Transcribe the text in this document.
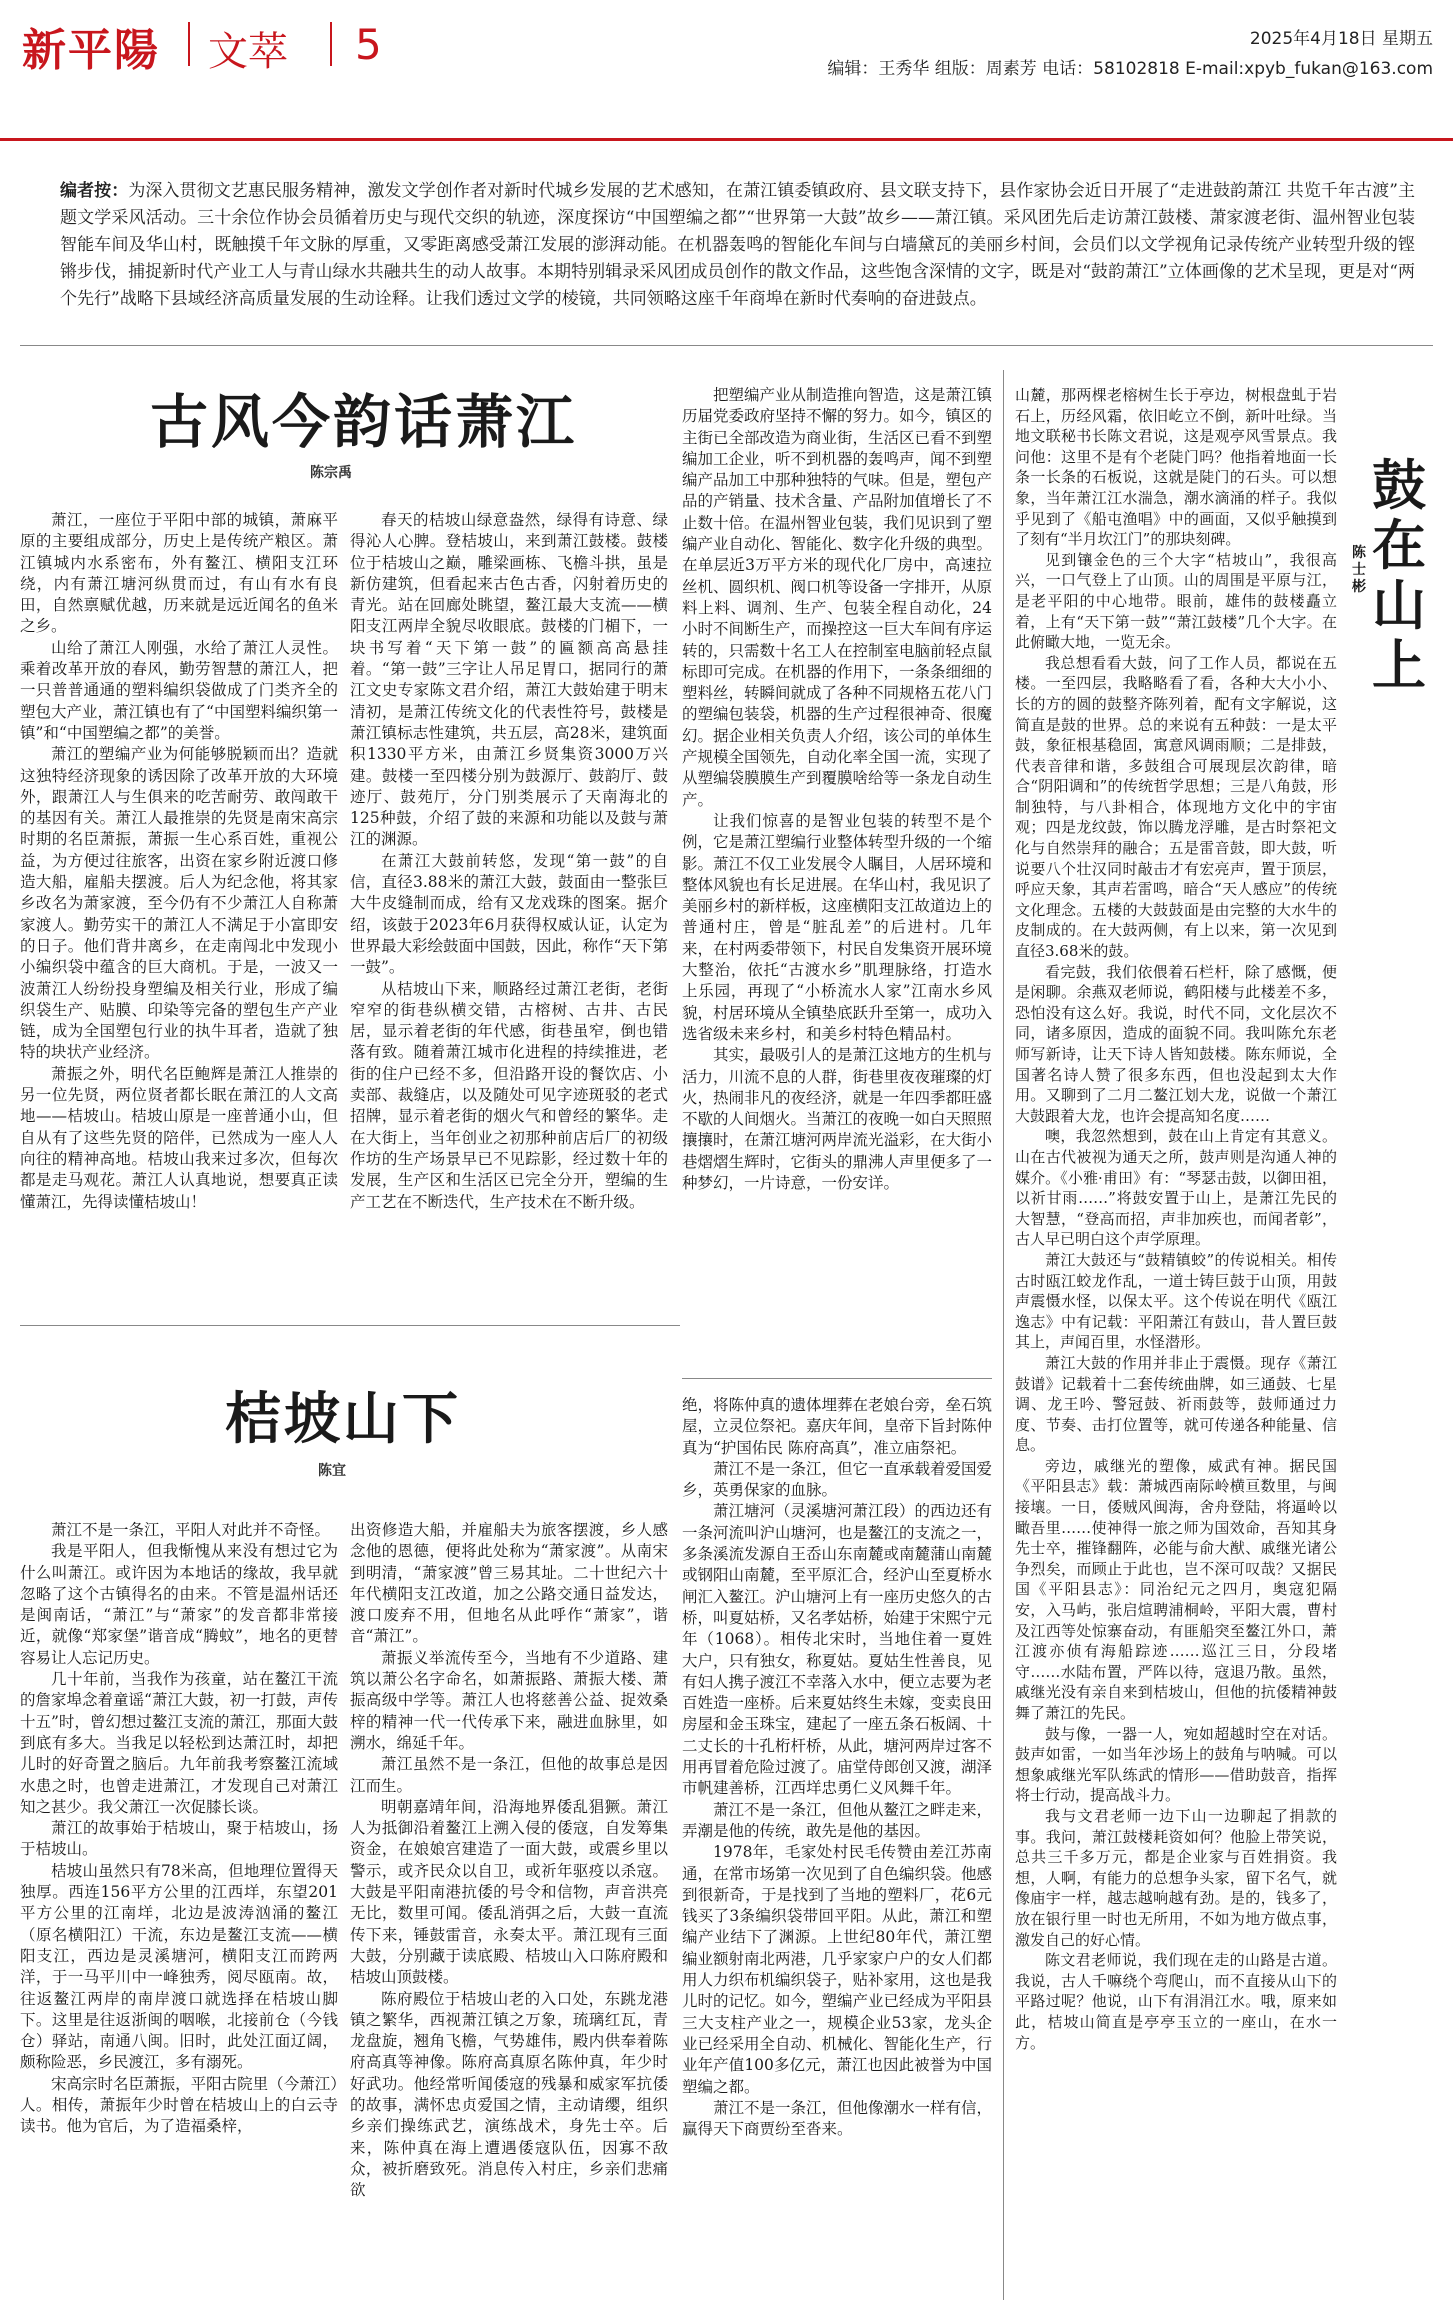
新平陽 文萃 5	2025年4月18日 星期五
编辑：王秀华 组版：周素芳 电话：58102818 E-mail:xpyb_fukan@163.com
编者按：为深入贯彻文艺惠民服务精神，激发文学创作者对新时代城乡发展的艺术感知，在萧江镇委镇政府、县文联支持下，县作家协会近日开展了“走进鼓韵萧江 共览千年古渡”主题文学采风活动。三十余位作协会员循着历史与现代交织的轨迹，深度探访“中国塑编之都”“世界第一大鼓”故乡——萧江镇。采风团先后走访萧江鼓楼、萧家渡老街、温州智业包装智能车间及华山村，既触摸千年文脉的厚重，又零距离感受萧江发展的澎湃动能。在机器轰鸣的智能化车间与白墙黛瓦的美丽乡村间，会员们以文学视角记录传统产业转型升级的铿锵步伐，捕捉新时代产业工人与青山绿水共融共生的动人故事。本期特别辑录采风团成员创作的散文作品，这些饱含深情的文字，既是对“鼓韵萧江”立体画像的艺术呈现，更是对“两个先行”战略下县域经济高质量发展的生动诠释。让我们透过文学的棱镜，共同领略这座千年商埠在新时代奏响的奋进鼓点。
古风今韵话萧江
陈宗禹

萧江，一座位于平阳中部的城镇，萧麻平原的主要组成部分，历史上是传统产粮区。萧江镇城内水系密布，外有鳌江、横阳支江环绕，内有萧江塘河纵贯而过，有山有水有良田，自然禀赋优越，历来就是远近闻名的鱼米之乡。

山给了萧江人刚强，水给了萧江人灵性。乘着改革开放的春风，勤劳智慧的萧江人，把一只普普通通的塑料编织袋做成了门类齐全的塑包大产业，萧江镇也有了“中国塑料编织第一镇”和“中国塑编之都”的美誉。

萧江的塑编产业为何能够脱颖而出？造就这独特经济现象的诱因除了改革开放的大环境外，跟萧江人与生俱来的吃苦耐劳、敢闯敢干的基因有关。萧江人最推崇的先贤是南宋高宗时期的名臣萧振，萧振一生心系百姓，重视公益，为方便过往旅客，出资在家乡附近渡口修造大船，雇船夫摆渡。后人为纪念他，将其家乡改名为萧家渡，至今仍有不少萧江人自称萧家渡人。勤劳实干的萧江人不满足于小富即安的日子。他们背井离乡，在走南闯北中发现小小编织袋中蕴含的巨大商机。于是，一波又一波萧江人纷纷投身塑编及相关行业，形成了编织袋生产、贴膜、印染等完备的塑包生产产业链，成为全国塑包行业的执牛耳者，造就了独特的块状产业经济。

萧振之外，明代名臣鲍辉是萧江人推崇的另一位先贤，两位贤者都长眠在萧江的人文高地——桔坡山。桔坡山原是一座普通小山，但自从有了这些先贤的陪伴，已然成为一座人人向往的精神高地。桔坡山我来过多次，但每次都是走马观花。萧江人认真地说，想要真正读懂萧江，先得读懂桔坡山！

春天的桔坡山绿意盎然，绿得有诗意、绿得沁人心脾。登桔坡山，来到萧江鼓楼。鼓楼位于桔坡山之巅，雕梁画栋、飞檐斗拱，虽是新仿建筑，但看起来古色古香，闪射着历史的青光。站在回廊处眺望，鳌江最大支流——横阳支江两岸全貌尽收眼底。鼓楼的门楣下，一块书写着“天下第一鼓”的匾额高高悬挂着。“第一鼓”三字让人吊足胃口，据同行的萧江文史专家陈文君介绍，萧江大鼓始建于明末清初，是萧江传统文化的代表性符号，鼓楼是萧江镇标志性建筑，共五层，高28米，建筑面积1330平方米，由萧江乡贤集资3000万兴建。鼓楼一至四楼分别为鼓源厅、鼓韵厅、鼓迹厅、鼓苑厅，分门别类展示了天南海北的125种鼓，介绍了鼓的来源和功能以及鼓与萧江的渊源。

在萧江大鼓前转悠，发现“第一鼓”的自信，直径3.88米的萧江大鼓，鼓面由一整张巨大牛皮缝制而成，给有又龙戏珠的图案。据介绍，该鼓于2023年6月获得权威认证，认定为世界最大彩绘鼓面中国鼓，因此，称作“天下第一鼓”。

从桔坡山下来，顺路经过萧江老街，老街窄窄的街巷纵横交错，古榕树、古井、古民居，显示着老街的年代感，街巷虽窄，倒也错落有致。随着萧江城市化进程的持续推进，老街的住户已经不多，但沿路开设的餐饮店、小卖部、裁缝店，以及随处可见字迹斑驳的老式招牌，显示着老街的烟火气和曾经的繁华。走在大街上，当年创业之初那种前店后厂的初级作坊的生产场景早已不见踪影，经过数十年的发展，生产区和生活区已完全分开，塑编的生产工艺在不断迭代，生产技术在不断升级。

把塑编产业从制造推向智造，这是萧江镇历届党委政府坚持不懈的努力。如今，镇区的主街已全部改造为商业街，生活区已看不到塑编加工企业，听不到机器的轰鸣声，闻不到塑编产品加工中那种独特的气味。但是，塑包产品的产销量、技术含量、产品附加值增长了不止数十倍。在温州智业包装，我们见识到了塑编产业自动化、智能化、数字化升级的典型。在单层近3万平方米的现代化厂房中，高速拉丝机、圆织机、阀口机等设备一字排开，从原料上料、调剂、生产、包装全程自动化，24小时不间断生产，而操控这一巨大车间有序运转的，只需数十名工人在控制室电脑前轻点鼠标即可完成。在机器的作用下，一条条细细的塑料丝，转瞬间就成了各种不同规格五花八门的塑编包装袋，机器的生产过程很神奇、很魔幻。据企业相关负责人介绍，该公司的单体生产规模全国领先，自动化率全国一流，实现了从塑编袋膜膜生产到覆膜啥给等一条龙自动生产。

让我们惊喜的是智业包装的转型不是个例，它是萧江塑编行业整体转型升级的一个缩影。萧江不仅工业发展令人瞩目，人居环境和整体风貌也有长足进展。在华山村，我见识了美丽乡村的新样板，这座横阳支江故道边上的普通村庄，曾是“脏乱差”的后进村。几年来，在村两委带领下，村民自发集资开展环境大整治，依托“古渡水乡”肌理脉络，打造水上乐园，再现了“小桥流水人家”江南水乡风貌，村居环境从全镇垫底跃升至第一，成功入选省级未来乡村，和美乡村特色精品村。

其实，最吸引人的是萧江这地方的生机与活力，川流不息的人群，街巷里夜夜璀璨的灯火，热闹非凡的夜经济，就是一年四季都旺盛不歇的人间烟火。当萧江的夜晚一如白天照照攘攘时，在萧江塘河两岸流光溢彩，在大街小巷熠熠生辉时，它街头的鼎沸人声里便多了一种梦幻，一片诗意，一份安详。

桔坡山下
陈宜

萧江不是一条江，平阳人对此并不奇怪。

我是平阳人，但我惭愧从来没有想过它为什么叫萧江。或许因为本地话的缘故，我早就忽略了这个古镇得名的由来。不管是温州话还是闽南话，“萧江”与“萧家”的发音都非常接近，就像“郑家堡”谐音成“腾蚊”，地名的更替容易让人忘记历史。

几十年前，当我作为孩童，站在鳌江干流的詹家埠念着童谣“萧江大鼓，初一打鼓，声传十五”时，曾幻想过鳌江支流的萧江，那面大鼓到底有多大。当我足以轻松到达萧江时，却把儿时的好奇置之脑后。九年前我考察鳌江流域水患之时，也曾走进萧江，才发现自己对萧江知之甚少。我父萧江一次促膝长谈。

萧江的故事始于桔坡山，聚于桔坡山，扬于桔坡山。

桔坡山虽然只有78米高，但地理位置得天独厚。西连156平方公里的江西垟，东望201平方公里的江南垟，北边是波涛汹涌的鳌江（原名横阳江）干流，东边是鳌江支流——横阳支江，西边是灵溪塘河，横阳支江而跨两洋，于一马平川中一峰独秀，阅尽瓯南。故，往返鳌江两岸的南岸渡口就选择在桔坡山脚下。这里是往返浙闽的咽喉，北接前仓（今钱仓）驿站，南通八闽。旧时，此处江面辽阔，颇称险恶，乡民渡江，多有溺死。

宋高宗时名臣萧振，平阳古院里（今萧江）人。相传，萧振年少时曾在桔坡山上的白云寺读书。他为官后，为了造福桑梓，

出资修造大船，并雇船夫为旅客摆渡，乡人感念他的恩德，便将此处称为“萧家渡”。从南宋到明清，“萧家渡”曾三易其址。二十世纪六十年代横阳支江改道，加之公路交通日益发达，渡口废弃不用，但地名从此呼作“萧家”，谐音“萧江”。

萧振义举流传至今，当地有不少道路、建筑以萧公名字命名，如萧振路、萧振大楼、萧振高级中学等。萧江人也将慈善公益、捉效桑梓的精神一代一代传承下来，融进血脉里，如溯水，绵延千年。

萧江虽然不是一条江，但他的故事总是因江而生。

明朝嘉靖年间，沿海地界倭乱猖獗。萧江人为抵御沿着鳌江上溯入侵的倭寇，自发筹集资金，在娘娘宫建造了一面大鼓，或震乡里以警示，或齐民众以自卫，或祈年驱疫以杀寇。大鼓是平阳南港抗倭的号令和信物，声音洪亮无比，数里可闻。倭乱消弭之后，大鼓一直流传下来，锤鼓雷音，永奏太平。萧江现有三面大鼓，分别藏于读底殿、桔坡山入口陈府殿和桔坡山顶鼓楼。

陈府殿位于桔坡山老的入口处，东跳龙港镇之繁华，西视萧江镇之万象，琉璃红瓦，青龙盘旋，翘角飞檐，气势雄伟，殿内供奉着陈府高真等神像。陈府高真原名陈仲真，年少时好武功。他经常听闻倭寇的残暴和威家军抗倭的故事，满怀忠贞爱国之情，主动请缨，组织乡亲们操练武艺，演练战术，身先士卒。后来，陈仲真在海上遭遇倭寇队伍，因寡不敌众，被折磨致死。消息传入村庄，乡亲们悲痛欲

绝，将陈仲真的遗体埋葬在老娘台旁，垒石筑屋，立灵位祭祀。嘉庆年间，皇帝下旨封陈仲真为“护国佑民 陈府高真”，准立庙祭祀。

萧江不是一条江，但它一直承载着爱国爱乡，英勇保家的血脉。

萧江塘河（灵溪塘河萧江段）的西边还有一条河流叫沪山塘河，也是鳌江的支流之一，多条溪流发源自王岙山东南麓或南麓蒲山南麓或钢阳山南麓，至平原汇合，经沪山至夏桥水闸汇入鳌江。沪山塘河上有一座历史悠久的古桥，叫夏姑桥，又名孝姑桥，始建于宋熙宁元年（1068）。相传北宋时，当地住着一夏姓大户，只有独女，称夏姑。夏姑生性善良，见有妇人携子渡江不幸落入水中，便立志要为老百姓造一座桥。后来夏姑终生未嫁，变卖良田房屋和金玉珠宝，建起了一座五条石板阔、十二丈长的十孔桁杆桥，从此，塘河两岸过客不用再冒着危险过渡了。庙堂侍郎创又渡，湖泽市帆建善桥，江西垟忠勇仁义风舞千年。

萧江不是一条江，但他从鳌江之畔走来，弄潮是他的传统，敢先是他的基因。

1978年，毛家处村民毛传赞由差江苏南通，在常市场第一次见到了自色编织袋。他感到很新奇，于是找到了当地的塑料厂，花6元钱买了3条编织袋带回平阳。从此，萧江和塑编产业结下了渊源。上世纪80年代，萧江塑编业额射南北两港，几乎家家户户的女人们都用人力织布机编织袋子，贴补家用，这也是我儿时的记忆。如今，塑编产业已经成为平阳县三大支柱产业之一，规模企业53家，龙头企业已经采用全自动、机械化、智能化生产，行业年产值100多亿元，萧江也因此被誉为中国塑编之都。

萧江不是一条江，但他像潮水一样有信，赢得天下商贾纷至沓来。

鼓在山上
陈士彬

山麓，那两棵老榕树生长于亭边，树根盘虬于岩石上，历经风霜，依旧屹立不倒，新叶吐绿。当地文联秘书长陈文君说，这是观亭风雪景点。我问他：这里不是有个老陡门吗？他指着地面一长条一长条的石板说，这就是陡门的石头。可以想象，当年萧江江水湍急，潮水滴涌的样子。我似乎见到了《船屯渔唱》中的画面，又似乎触摸到了刻有“半月坎江门”的那块刻碑。

见到镶金色的三个大字“桔坡山”，我很高兴，一口气登上了山顶。山的周围是平原与江，是老平阳的中心地带。眼前，雄伟的鼓楼矗立着，上有“天下第一鼓”“萧江鼓楼”几个大字。在此俯瞰大地，一览无余。

我总想看看大鼓，问了工作人员，都说在五楼。一至四层，我略略看了看，各种大大小小、长的方的圆的鼓整齐陈列着，配有文字解说，这简直是鼓的世界。总的来说有五种鼓：一是太平鼓，象征根基稳固，寓意风调雨顺；二是排鼓，代表音律和谐，多鼓组合可展现层次韵律，暗合“阴阳调和”的传统哲学思想；三是八角鼓，形制独特，与八卦相合，体现地方文化中的宇宙观；四是龙纹鼓，饰以腾龙浮雕，是古时祭祀文化与自然崇拜的融合；五是雷音鼓，即大鼓，听说要八个壮汉同时敲击才有宏亮声，置于顶层，呼应天象，其声若雷鸣，暗合“天人感应”的传统文化理念。五楼的大鼓鼓面是由完整的大水牛的皮制成的。在大鼓两侧，有上以来，第一次见到直径3.68米的鼓。

看完鼓，我们依偎着石栏杆，除了感慨，便是闲聊。余燕双老师说，鹤阳楼与此楼差不多，恐怕没有这么好。我说，时代不同，文化层次不同，诸多原因，造成的面貌不同。我叫陈允东老师写新诗，让天下诗人皆知鼓楼。陈东师说，全国著名诗人赞了很多东西，但也没起到太大作用。又聊到了二月二鳌江划大龙，说做一个萧江大鼓跟着大龙，也许会提高知名度……

噢，我忽然想到，鼓在山上肯定有其意义。山在古代被视为通天之所，鼓声则是沟通人神的媒介。《小雅·甫田》有：“琴瑟击鼓，以御田祖，以祈甘雨……”将鼓安置于山上，是萧江先民的大智慧，“登高而招，声非加疾也，而闻者彰”，古人早已明白这个声学原理。

萧江大鼓还与“鼓精镇蛟”的传说相关。相传古时瓯江蛟龙作乱，一道士铸巨鼓于山顶，用鼓声震慑水怪，以保太平。这个传说在明代《瓯江逸志》中有记载：平阳萧江有鼓山，昔人置巨鼓其上，声闻百里，水怪潜形。

萧江大鼓的作用并非止于震慑。现存《萧江鼓谱》记载着十二套传统曲牌，如三通鼓、七星调、龙王吟、警冠鼓、祈雨鼓等，鼓师通过力度、节奏、击打位置等，就可传递各种能量、信息。

旁边，戚继光的塑像，威武有神。据民国《平阳县志》载：萧城西南际岭横亘数里，与闽接壤。一日，倭贼风闽海，舍舟登陆，将逼岭以瞰吾里……使神得一旅之师为国效命，吾知其身先士卒，摧锋翻阵，必能与俞大猷、戚继光诸公争烈矣，而顾止于此也，岂不深可叹哉？又据民国《平阳县志》：同治纪元之四月，奥寇犯隔安，入马屿，张启煊聘浦桐岭，平阳大震，曹村及江西等处惊寨奋动，有匪船突至鳌江外口，萧江渡亦侦有海船踪迹……巡江三日，分段堵守……水陆布置，严阵以待，寇退乃散。虽然，戚继光没有亲自来到桔坡山，但他的抗倭精神鼓舞了萧江的先民。

鼓与像，一器一人，宛如超越时空在对话。鼓声如雷，一如当年沙场上的鼓角与呐喊。可以想象戚继光军队练武的情形——借助鼓音，指挥将士行动，提高战斗力。

我与文君老师一边下山一边聊起了捐款的事。我问，萧江鼓楼耗资如何？他脸上带笑说，总共三千多万元，都是企业家与百姓捐资。我想，人啊，有能力的总想争头家，留下名气，就像庙宇一样，越志越响越有劲。是的，钱多了，放在银行里一时也无所用，不如为地方做点事，激发自己的好心情。

陈文君老师说，我们现在走的山路是古道。我说，古人千嘛绕个弯爬山，而不直接从山下的平路过呢？他说，山下有涓涓江水。哦，原来如此，桔坡山简直是亭亭玉立的一座山，在水一方。
